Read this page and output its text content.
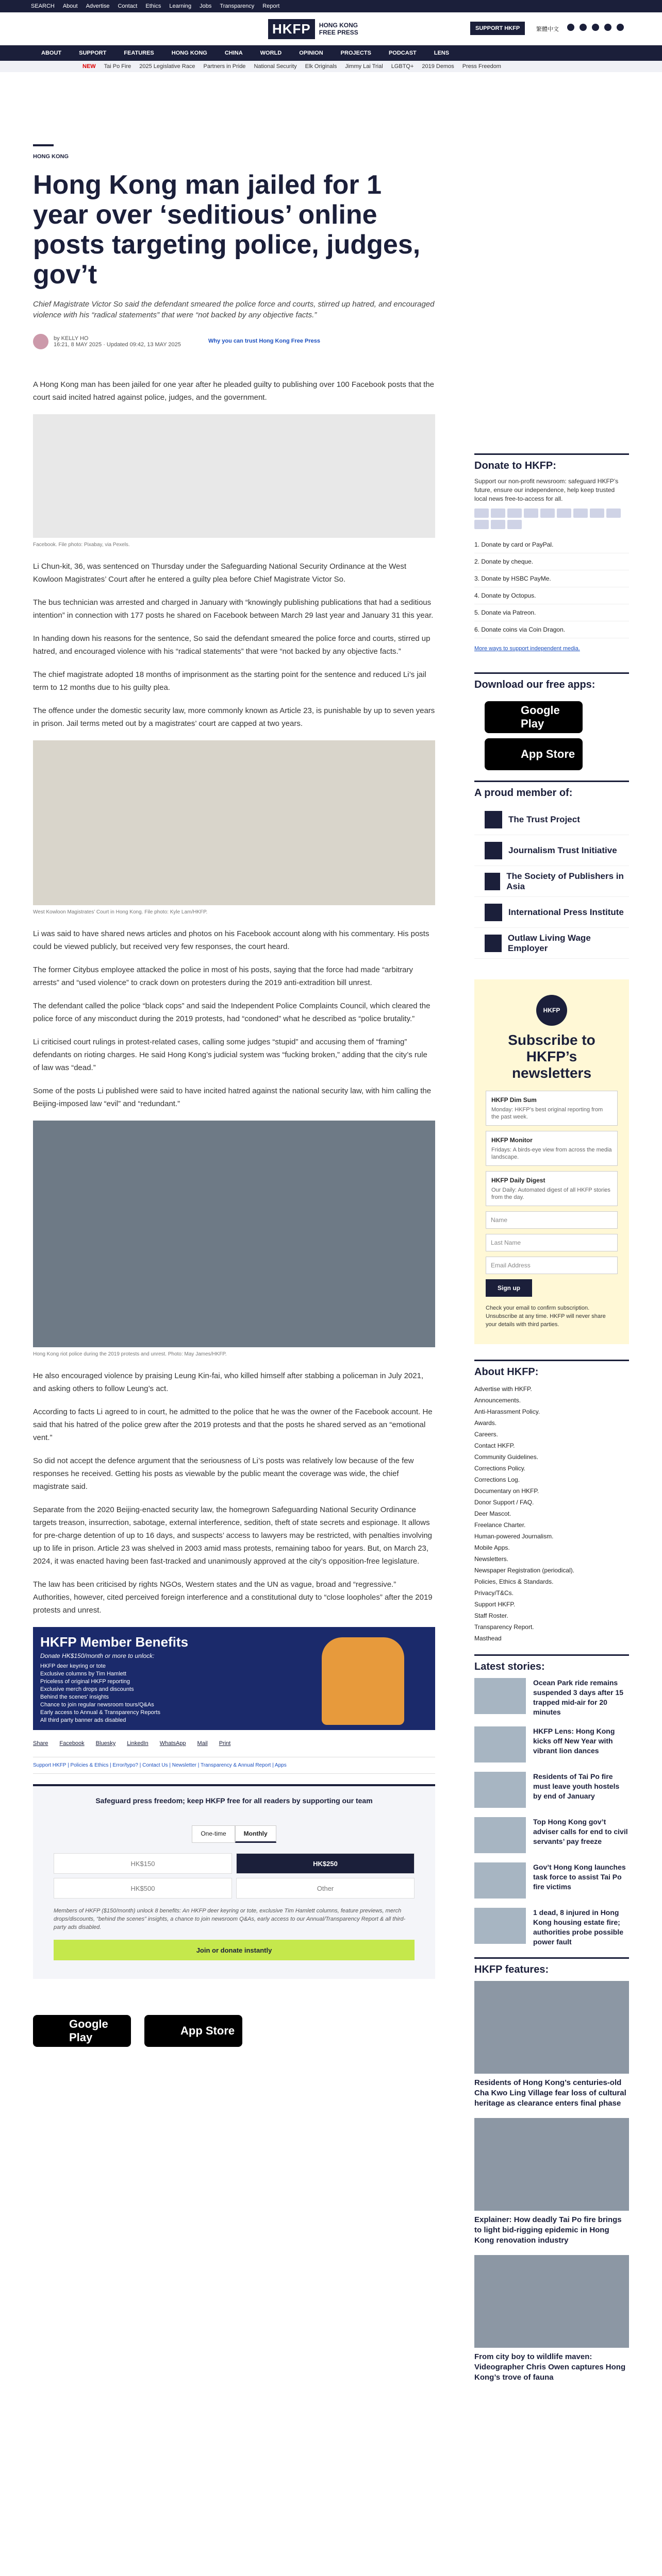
SEARCH About Advertise Contact Ethics Learning Jobs Transparency Report
HKFP	HONG KONG
FREE PRESS
SUPPORT HKFP	繁體中文
ABOUT	SUPPORT	FEATURES	HONG KONG	CHINA	WORLD	OPINION	PROJECTS	PODCAST	LENS
NEW Tai Po Fire 2025 Legislative Race Partners in Pride National Security Elk Originals Jimmy Lai Trial LGBTQ+ 2019 Demos Press Freedom
HONG KONG
Hong Kong man jailed for 1 year over ‘seditious’ online posts targeting police, judges, gov’t
Chief Magistrate Victor So said the defendant smeared the police force and courts, stirred up hatred, and encouraged violence with his “radical statements” that were “not backed by any objective facts.”
by KELLY HO
16:21, 8 MAY 2025 · Updated 09:42, 13 MAY 2025
Why you can trust Hong Kong Free Press

A Hong Kong man has been jailed for one year after he pleaded guilty to publishing over 100 Facebook posts that the court said incited hatred against police, judges, and the government.

Facebook. File photo: Pixabay, via Pexels.

Li Chun-kit, 36, was sentenced on Thursday under the Safeguarding National Security Ordinance at the West Kowloon Magistrates’ Court after he entered a guilty plea before Chief Magistrate Victor So.

The bus technician was arrested and charged in January with “knowingly publishing publications that had a seditious intention” in connection with 177 posts he shared on Facebook between March 29 last year and January 31 this year.

In handing down his reasons for the sentence, So said the defendant smeared the police force and courts, stirred up hatred, and encouraged violence with his “radical statements” that were “not backed by any objective facts.”

The chief magistrate adopted 18 months of imprisonment as the starting point for the sentence and reduced Li’s jail term to 12 months due to his guilty plea.

The offence under the domestic security law, more commonly known as Article 23, is punishable by up to seven years in prison. Jail terms meted out by a magistrates’ court are capped at two years.

West Kowloon Magistrates’ Court in Hong Kong. File photo: Kyle Lam/HKFP.

Li was said to have shared news articles and photos on his Facebook account along with his commentary. His posts could be viewed publicly, but received very few responses, the court heard.

The former Citybus employee attacked the police in most of his posts, saying that the force had made “arbitrary arrests” and “used violence” to crack down on protesters during the 2019 anti-extradition bill unrest.

The defendant called the police “black cops” and said the Independent Police Complaints Council, which cleared the police force of any misconduct during the 2019 protests, had “condoned” what he described as “police brutality.”

Li criticised court rulings in protest-related cases, calling some judges “stupid” and accusing them of “framing” defendants on rioting charges. He said Hong Kong’s judicial system was “fucking broken,” adding that the city’s rule of law was “dead.”

Some of the posts Li published were said to have incited hatred against the national security law, with him calling the Beijing-imposed law “evil” and “redundant.”

Hong Kong riot police during the 2019 protests and unrest. Photo: May James/HKFP.

He also encouraged violence by praising Leung Kin-fai, who killed himself after stabbing a policeman in July 2021, and asking others to follow Leung’s act.

According to facts Li agreed to in court, he admitted to the police that he was the owner of the Facebook account. He said that his hatred of the police grew after the 2019 protests and that the posts he shared served as an “emotional vent.”

So did not accept the defence argument that the seriousness of Li’s posts was relatively low because of the few responses he received. Getting his posts as viewable by the public meant the coverage was wide, the chief magistrate said.

Separate from the 2020 Beijing-enacted security law, the homegrown Safeguarding National Security Ordinance targets treason, insurrection, sabotage, external interference, sedition, theft of state secrets and espionage. It allows for pre-charge detention of up to 16 days, and suspects’ access to lawyers may be restricted, with penalties involving up to life in prison. Article 23 was shelved in 2003 amid mass protests, remaining taboo for years. But, on March 23, 2024, it was enacted having been fast-tracked and unanimously approved at the city’s opposition-free legislature.

The law has been criticised by rights NGOs, Western states and the UN as vague, broad and “regressive.” Authorities, however, cited perceived foreign interference and a constitutional duty to “close loopholes” after the 2019 protests and unrest.

HKFP Member Benefits

Donate HK$150/month or more to unlock:

HKFP deer keyring or tote
Exclusive columns by Tim Hamlett
Priceless of original HKFP reporting
Exclusive merch drops and discounts
Behind the scenes' insights
Chance to join regular newsroom tours/Q&As
Early access to Annual & Transparency Reports
All third party banner ads disabled
Share Facebook Bluesky LinkedIn WhatsApp Mail Print
Support HKFP | Policies & Ethics | Error/typo? | Contact Us | Newsletter | Transparency & Annual Report | Apps
Safeguard press freedom; keep HKFP free for all readers by supporting our team
One-time	Monthly
HK$150	HK$250
HK$500	Other
Members of HKFP ($150/month) unlock 8 benefits: An HKFP deer keyring or tote, exclusive Tim Hamlett columns, feature previews, merch drops/discounts, “behind the scenes” insights, a chance to join newsroom Q&As, early access to our Annual/Transparency Report & all third-party ads disabled.
Join or donate instantly
Google Play
App Store
Donate to HKFP:
Support our non-profit newsroom: safeguard HKFP’s future, ensure our independence, help keep trusted local news free-to-access for all.
1. Donate by card or PayPal.
2. Donate by cheque.
3. Donate by HSBC PayMe.
4. Donate by Octopus.
5. Donate via Patreon.
6. Donate coins via Coin Dragon.
More ways to support independent media.
Download our free apps:
Google Play
App Store
A proud member of:
The Trust Project
Journalism Trust Initiative
The Society of Publishers in Asia
International Press Institute
Outlaw Living Wage Employer
HKFP
Subscribe to HKFP’s newsletters
HKFP Dim Sum
Monday: HKFP’s best original reporting from the past week.
HKFP Monitor
Fridays: A birds-eye view from across the media landscape.
HKFP Daily Digest
Our Daily: Automated digest of all HKFP stories from the day.
Name
Last Name
Email Address
Sign up
Check your email to confirm subscription. Unsubscribe at any time. HKFP will never share your details with third parties.
About HKFP:
Advertise with HKFP.
Announcements.
Anti-Harassment Policy.
Awards.
Careers.
Contact HKFP.
Community Guidelines.
Corrections Policy.
Corrections Log.
Documentary on HKFP.
Donor Support / FAQ.
Deer Mascot.
Freelance Charter.
Human-powered Journalism.
Mobile Apps.
Newsletters.
Newspaper Registration (periodical).
Policies, Ethics & Standards.
Privacy/T&Cs.
Support HKFP.
Staff Roster.
Transparency Report.
Masthead
Latest stories:
Ocean Park ride remains suspended 3 days after 15 trapped mid-air for 20 minutes
HKFP Lens: Hong Kong kicks off New Year with vibrant lion dances
Residents of Tai Po fire must leave youth hostels by end of January
Top Hong Kong gov’t adviser calls for end to civil servants’ pay freeze
Gov’t Hong Kong launches task force to assist Tai Po fire victims
1 dead, 8 injured in Hong Kong housing estate fire; authorities probe possible power fault
HKFP features:
Residents of Hong Kong’s centuries-old Cha Kwo Ling Village fear loss of cultural heritage as clearance enters final phase
Explainer: How deadly Tai Po fire brings to light bid-rigging epidemic in Hong Kong renovation industry
From city boy to wildlife maven: Videographer Chris Owen captures Hong Kong’s trove of fauna
